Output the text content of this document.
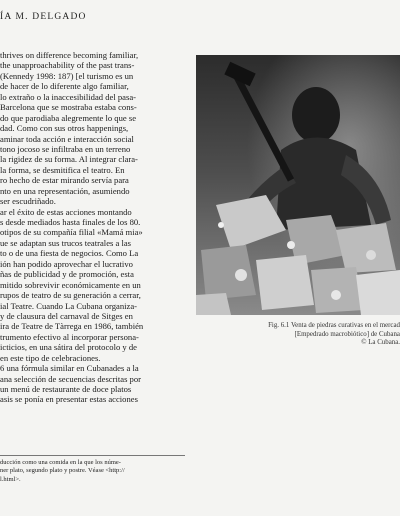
ÍA M. DELGADO
thrives on difference becoming familiar,
the unapproachability of the past trans-
(Kennedy 1998: 187) [el turismo es un
de hacer de lo diferente algo familiar,
lo extraño o la inaccesibilidad del pasa-
Barcelona que se mostraba estaba cons-
do que parodiaba alegremente lo que se
dad. Como con sus otros happenings,
aminar toda acción e interacción social
tono jocoso se infiltraba en un terreno
la rigidez de su forma. Al integrar clara-
la forma, se desmitifica el teatro. En
ro hecho de estar mirando servía para
nto en una representación, asumiendo
ser escudriñado.
ar el éxito de estas acciones montando
s desde mediados hasta finales de los 80.
otipos de su compañía filial «Mamá mia»
ue se adaptan sus trucos teatrales a las
to o de una fiesta de negocios. Como La
ión han podido aprovechar el lucrativo
ñas de publicidad y de promoción, esta
mitido sobrevivir económicamente en un
rupos de teatro de su generación a cerrar,
ial Teatre. Cuando La Cubana organiza-
y de clausura del carnaval de Sitges en
ira de Teatre de Tàrrega en 1986, también
trumento efectivo al incorporar persona-
icticios, en una sátira del protocolo y de
en este tipo de celebraciones.
6 una fórmula similar en Cubanades a la
ana selección de secuencias descritas por
un menú de restaurante de doce platos
asis se ponía en presentar estas acciones
ducción como una comida en la que los núme-
ner plato, segundo plato y postre. Véase <http://
l.html>.
Fig. 6.1 Venta de piedras curativas en el mercad
[Empedrado macrobiótico] de Cubana
© La Cubana.
